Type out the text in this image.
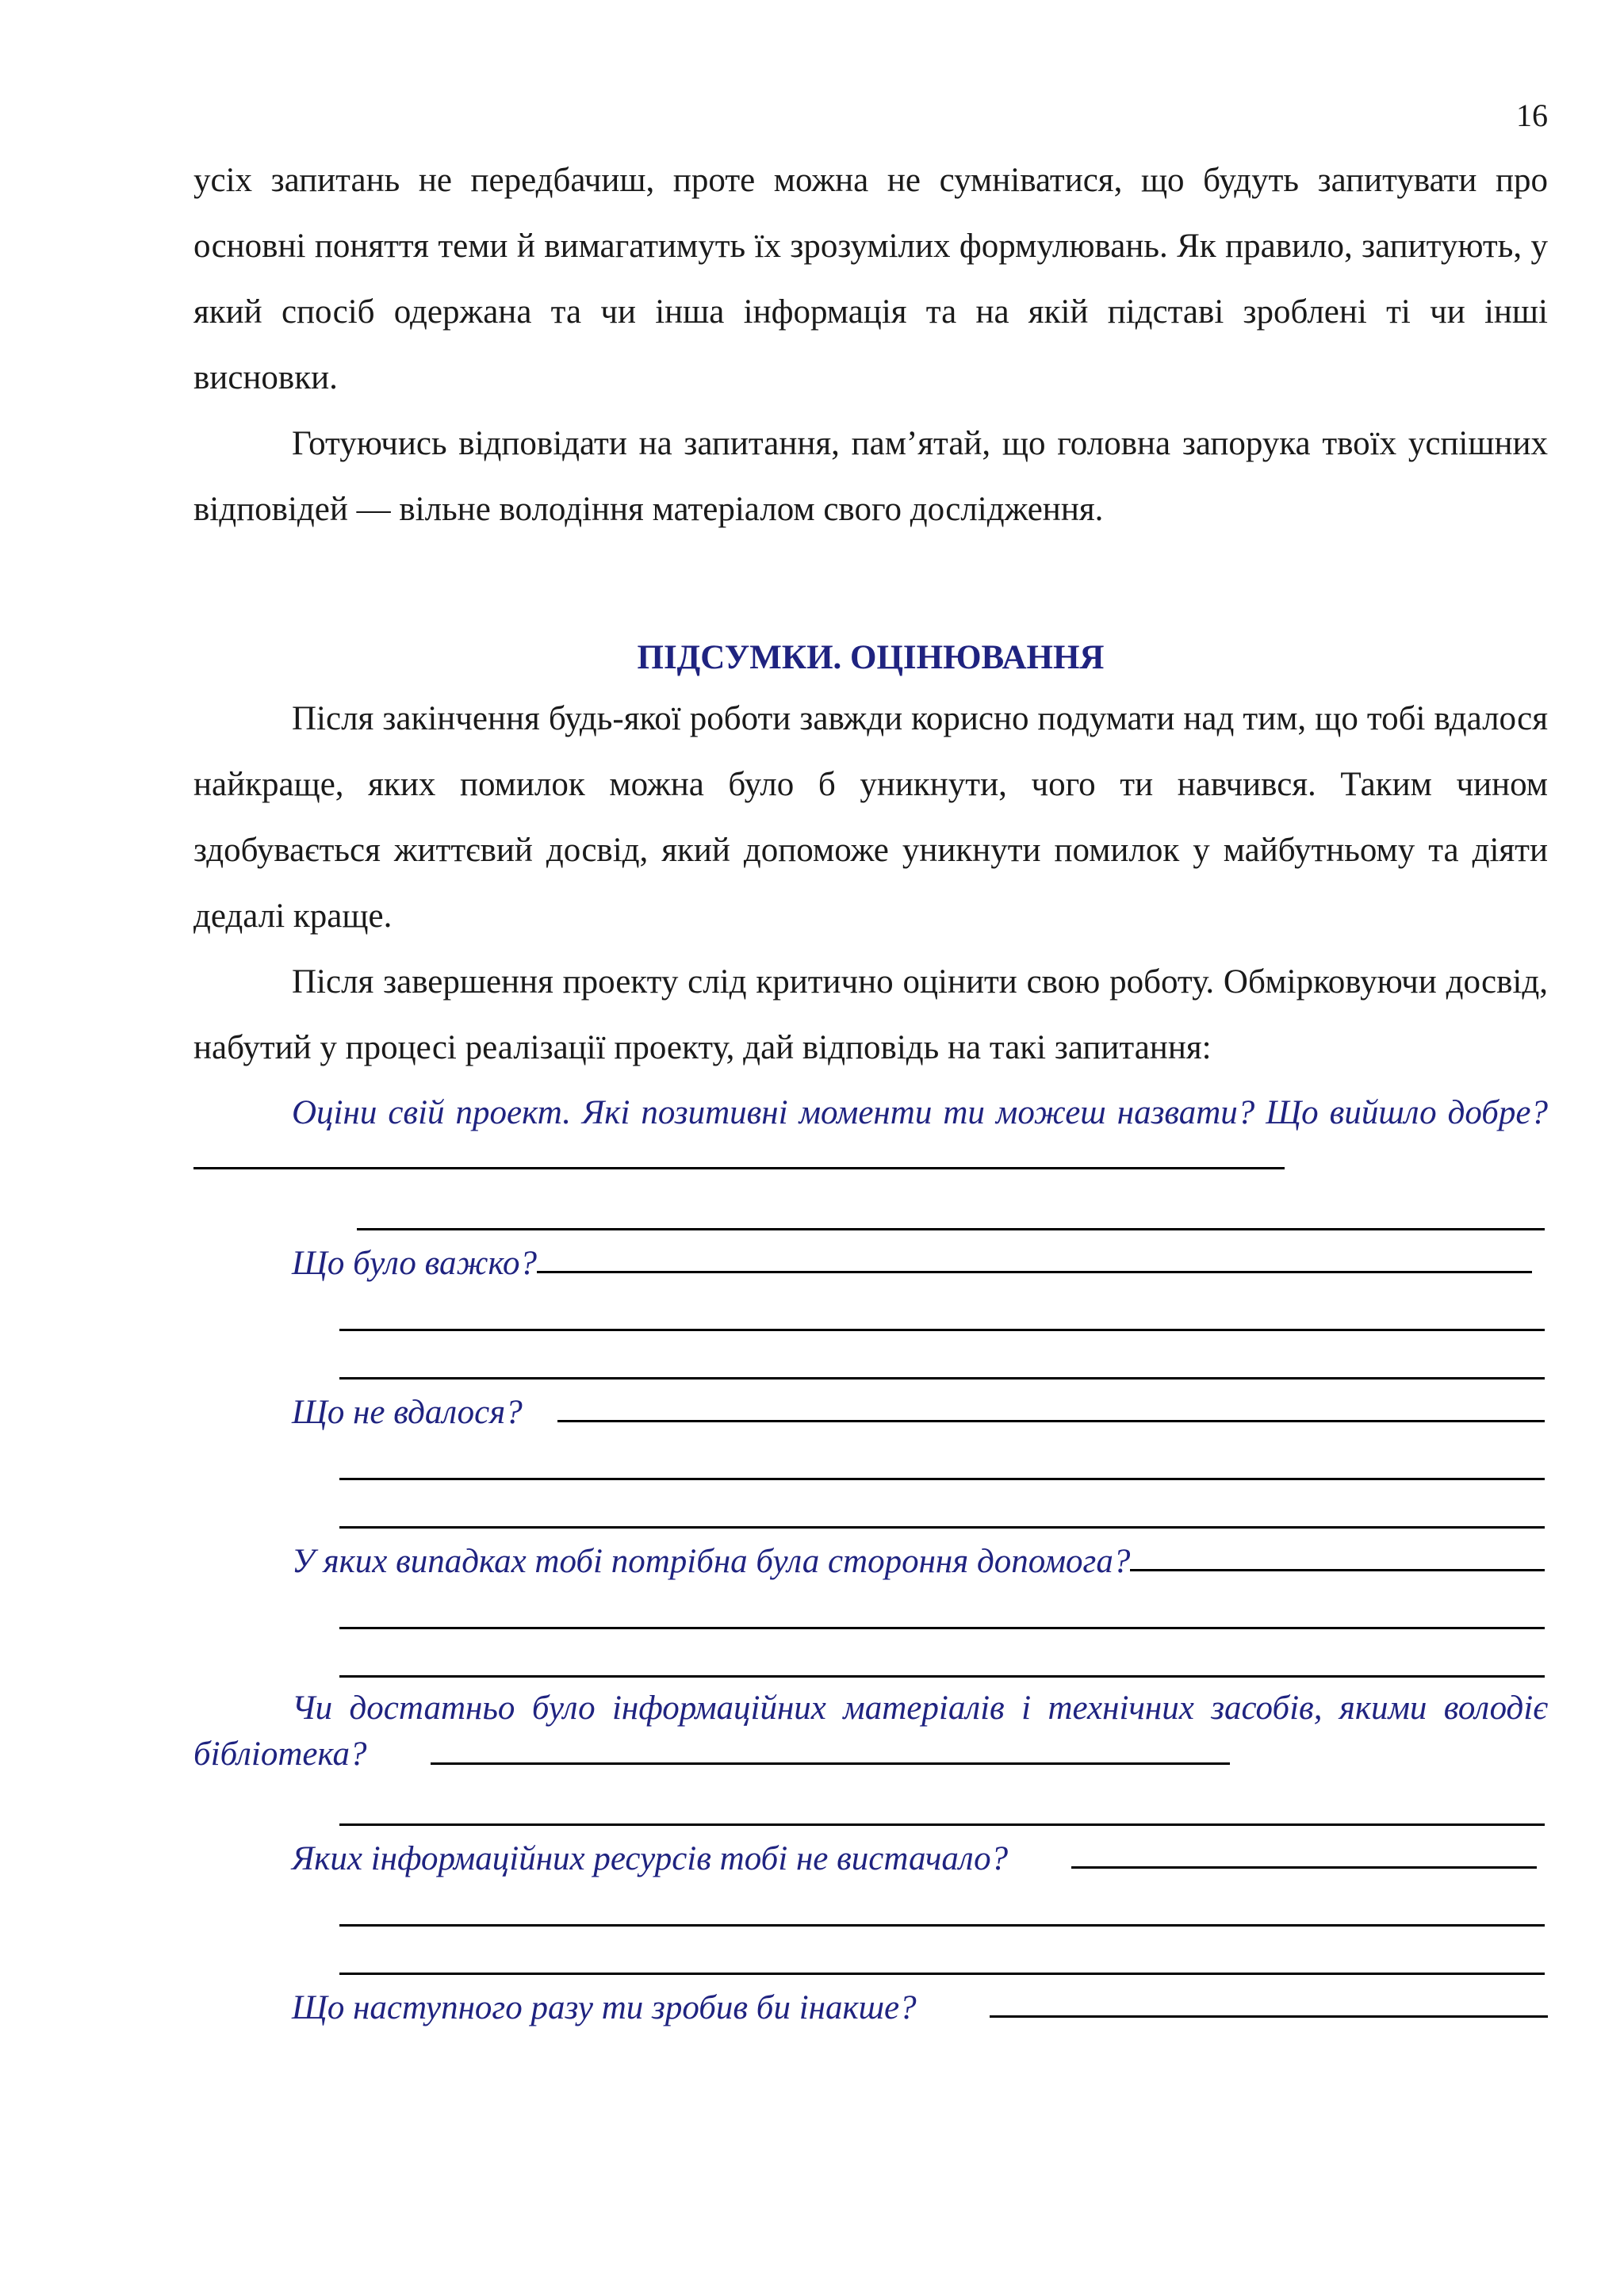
16

усіх запитань не передбачиш, проте можна не сумніватися, що будуть запитувати про основні поняття теми й вимагатимуть їх зрозумілих формулювань. Як правило, запитують, у який спосіб одержана та чи інша інформація та на якій підставі зроблені ті чи інші висновки.

Готуючись відповідати на запитання, пам’ятай, що головна запорука твоїх успішних відповідей — вільне володіння матеріалом свого дослідження.

ПІДСУМКИ. ОЦІНЮВАННЯ

Після закінчення будь-якої роботи завжди корисно подумати над тим, що тобі вдалося найкраще, яких помилок можна було б уникнути, чого ти навчився. Таким чином здобувається життєвий досвід, який допоможе уникнути помилок у майбутньому та діяти дедалі краще.

Після завершення проекту слід критично оцінити свою роботу. Обмірковуючи досвід, набутий у процесі реалізації проекту, дай відповідь на такі запитання:

Оціни свій проект. Які позитивні моменти ти можеш назвати? Що вийшло добре?
Що було важко?
Що не вдалося?
У яких випадках тобі потрібна була стороння допомога?
Чи достатньо було інформаційних матеріалів і технічних засобів, якими володіє бібліотека?
Яких інформаційних ресурсів тобі не вистачало?
Що наступного разу ти зробив би інакше?
